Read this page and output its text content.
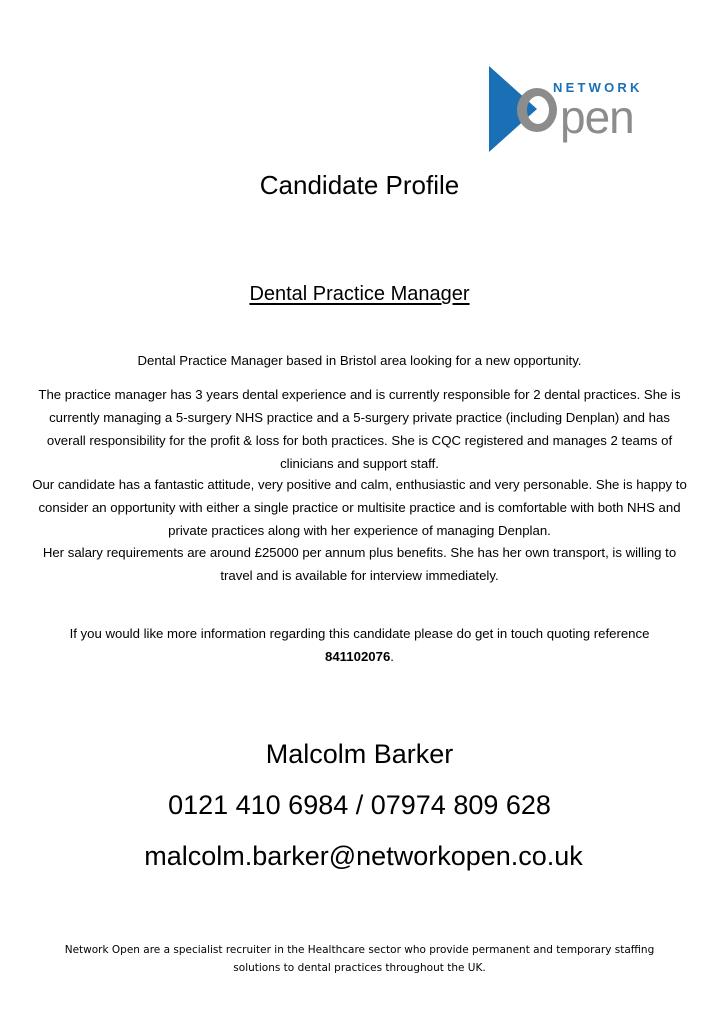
NETWORK
pen
Candidate Profile
Dental Practice Manager
Dental Practice Manager based in Bristol area looking for a new opportunity.
The practice manager has 3 years dental experience and is currently responsible for 2 dental practices. She is currently managing a 5-surgery NHS practice and a 5-surgery private practice (including Denplan) and has overall responsibility for the profit & loss for both practices. She is CQC registered and manages 2 teams of clinicians and support staff.
Our candidate has a fantastic attitude, very positive and calm, enthusiastic and very personable. She is happy to consider an opportunity with either a single practice or multisite practice and is comfortable with both NHS and private practices along with her experience of managing Denplan.
Her salary requirements are around £25000 per annum plus benefits. She has her own transport, is willing to travel and is available for interview immediately.
If you would like more information regarding this candidate please do get in touch quoting reference 841102076.
Malcolm Barker
0121 410 6984 / 07974 809 628
malcolm.barker@networkopen.co.uk
Network Open are a specialist recruiter in the Healthcare sector who provide permanent and temporary staffing solutions to dental practices throughout the UK.
